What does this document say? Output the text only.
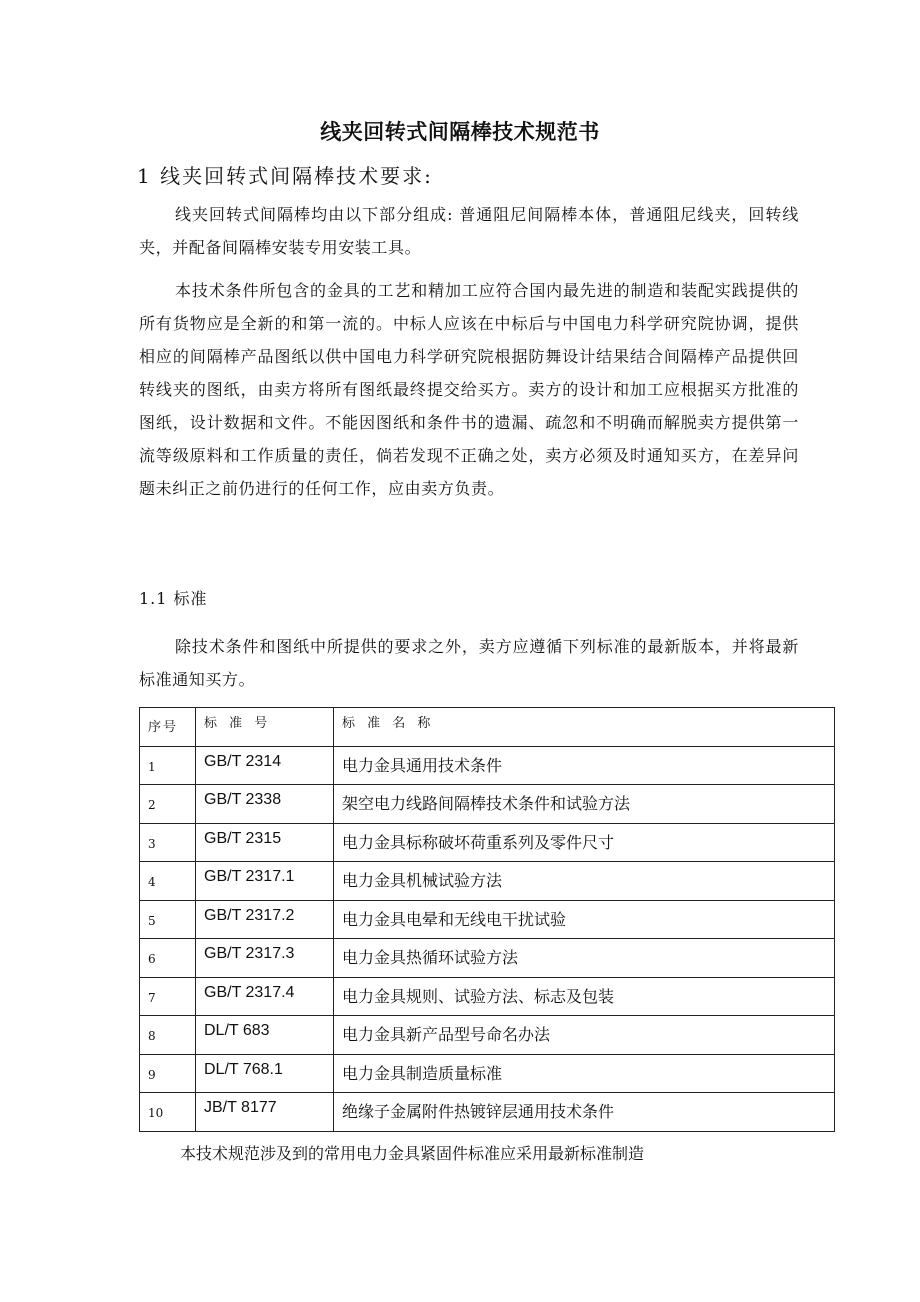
线夹回转式间隔棒技术规范书
1 线夹回转式间隔棒技术要求:
线夹回转式间隔棒均由以下部分组成: 普通阻尼间隔棒本体，普通阻尼线夹，回转线夹，并配备间隔棒安装专用安装工具。
本技术条件所包含的金具的工艺和精加工应符合国内最先进的制造和装配实践提供的所有货物应是全新的和第一流的。中标人应该在中标后与中国电力科学研究院协调，提供相应的间隔棒产品图纸以供中国电力科学研究院根据防舞设计结果结合间隔棒产品提供回转线夹的图纸，由卖方将所有图纸最终提交给买方。卖方的设计和加工应根据买方批准的图纸，设计数据和文件。不能因图纸和条件书的遗漏、疏忽和不明确而解脱卖方提供第一流等级原料和工作质量的责任，倘若发现不正确之处，卖方必须及时通知买方，在差异问题未纠正之前仍进行的任何工作，应由卖方负责。
1.1 标准
除技术条件和图纸中所提供的要求之外，卖方应遵循下列标准的最新版本，并将最新标准通知买方。
序号	标 准 号	标 准 名 称
1	GB/T 2314	电力金具通用技术条件
2	GB/T 2338	架空电力线路间隔棒技术条件和试验方法
3	GB/T 2315	电力金具标称破坏荷重系列及零件尺寸
4	GB/T 2317.1	电力金具机械试验方法
5	GB/T 2317.2	电力金具电晕和无线电干扰试验
6	GB/T 2317.3	电力金具热循环试验方法
7	GB/T 2317.4	电力金具规则、试验方法、标志及包装
8	DL/T 683	电力金具新产品型号命名办法
9	DL/T 768.1	电力金具制造质量标准
10	JB/T 8177	绝缘子金属附件热镀锌层通用技术条件
本技术规范涉及到的常用电力金具紧固件标准应采用最新标准制造
